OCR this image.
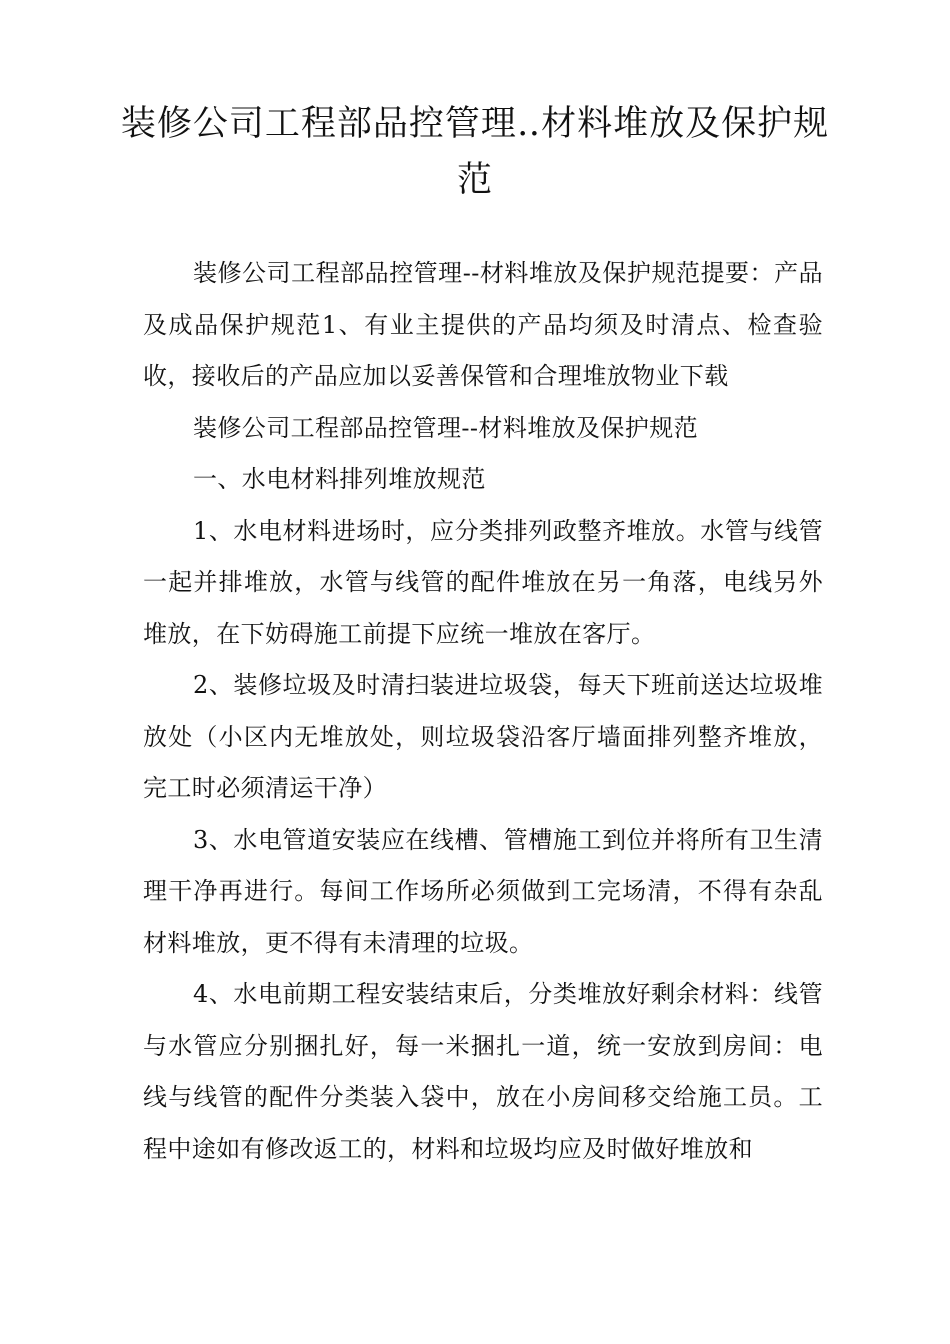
装修公司工程部品控管理‥材料堆放及保护规范

装修公司工程部品控管理--材料堆放及保护规范提要：产品及成品保护规范1、有业主提供的产品均须及时清点、检查验收，接收后的产品应加以妥善保管和合理堆放物业下载

装修公司工程部品控管理--材料堆放及保护规范

一、水电材料排列堆放规范

1、水电材料进场时，应分类排列政整齐堆放。水管与线管一起并排堆放，水管与线管的配件堆放在另一角落，电线另外堆放，在下妨碍施工前提下应统一堆放在客厅。

2、装修垃圾及时清扫装进垃圾袋，每天下班前送达垃圾堆放处（小区内无堆放处，则垃圾袋沿客厅墙面排列整齐堆放，完工时必须清运干净）

3、水电管道安装应在线槽、管槽施工到位并将所有卫生清理干净再进行。每间工作场所必须做到工完场清，不得有杂乱材料堆放，更不得有未清理的垃圾。

4、水电前期工程安装结束后，分类堆放好剩余材料：线管与水管应分别捆扎好，每一米捆扎一道，统一安放到房间：电线与线管的配件分类装入袋中，放在小房间移交给施工员。工程中途如有修改返工的，材料和垃圾均应及时做好堆放和
